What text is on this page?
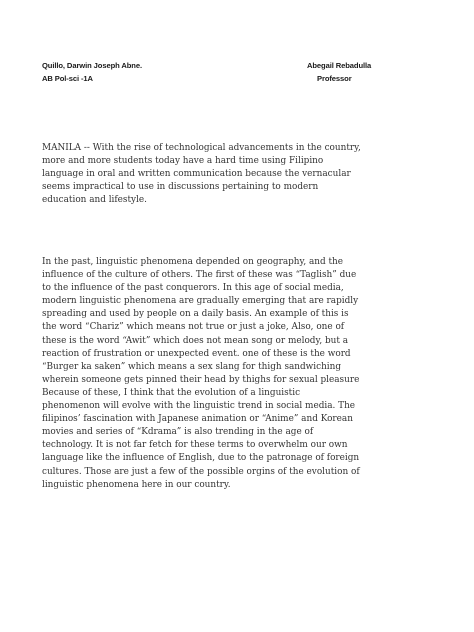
Quillo, Darwin Joseph Abne.
AB Pol-sci -1A
Abegail Rebadulla
Professor

MANILA -- With the rise of technological advancements in the country,
more and more students today have a hard time using Filipino
language in oral and written communication because the vernacular
seems impractical to use in discussions pertaining to modern
education and lifestyle.

In the past, linguistic phenomena depended on geography, and the
influence of the culture of others. The first of these was “Taglish” due
to the influence of the past conquerors. In this age of social media,
modern linguistic phenomena are gradually emerging that are rapidly
spreading and used by people on a daily basis. An example of this is
the word “Chariz” which means not true or just a joke, Also, one of
these is the word “Awit” which does not mean song or melody, but a
reaction of frustration or unexpected event. one of these is the word
“Burger ka saken” which means a sex slang for thigh sandwiching
wherein someone gets pinned their head by thighs for sexual pleasure
Because of these, I think that the evolution of a linguistic
phenomenon will evolve with the linguistic trend in social media. The
filipinos’ fascination with Japanese animation or “Anime” and Korean
movies and series of “Kdrama” is also trending in the age of
technology. It is not far fetch for these terms to overwhelm our own
language like the influence of English, due to the patronage of foreign
cultures. Those are just a few of the possible orgins of the evolution of
linguistic phenomena here in our country.
